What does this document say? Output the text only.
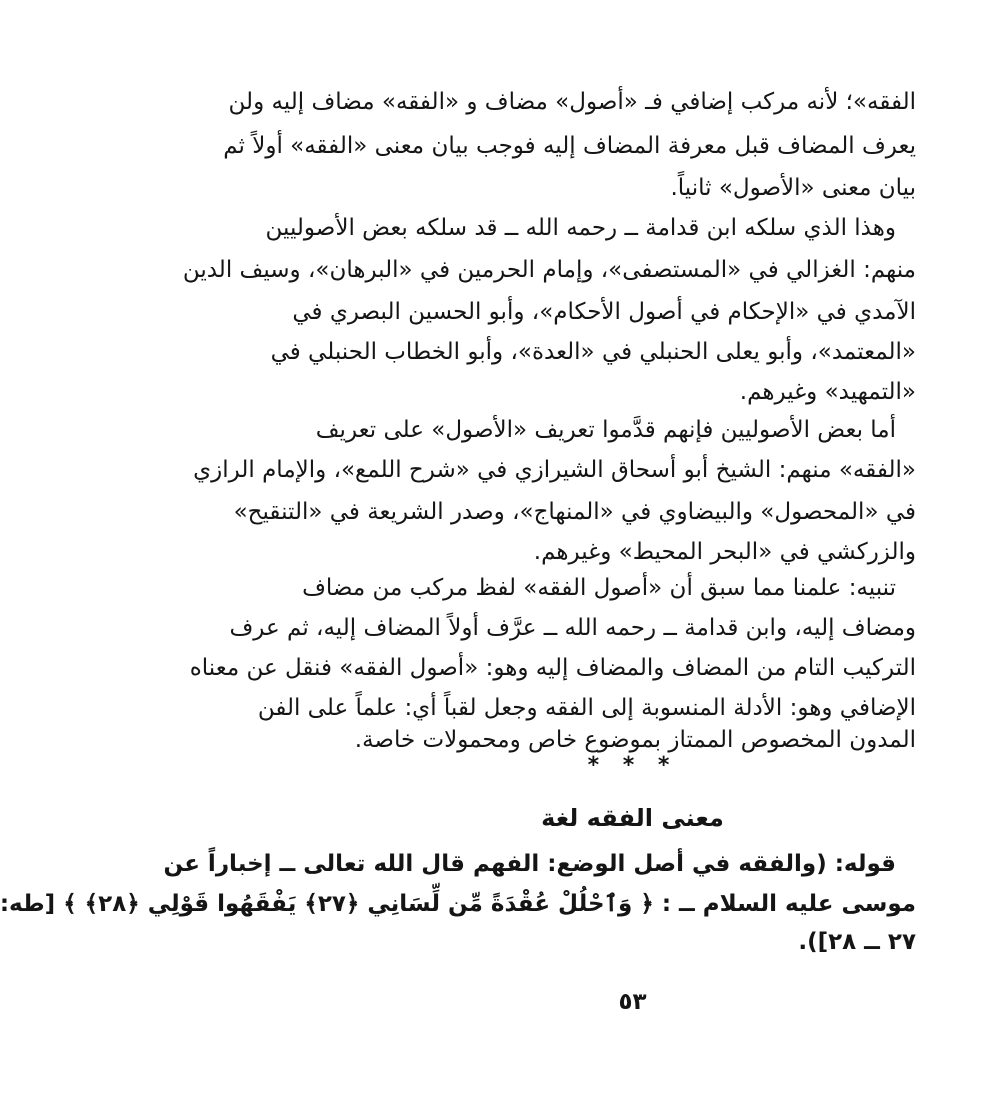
الفقه»؛ لأنه مركب إضافي فـ «أصول» مضاف و «الفقه» مضاف إليه ولن
يعرف المضاف قبل معرفة المضاف إليه فوجب بيان معنى «الفقه» أولاً ثم
بيان معنى «الأصول» ثانياً.
وهذا الذي سلكه ابن قدامة ــ رحمه الله ــ قد سلكه بعض الأصوليين
منهم: الغزالي في «المستصفى»، وإمام الحرمين في «البرهان»، وسيف الدين
الآمدي في «الإحكام في أصول الأحكام»، وأبو الحسين البصري في
«المعتمد»، وأبو يعلى الحنبلي في «العدة»، وأبو الخطاب الحنبلي في
«التمهيد» وغيرهم.
أما بعض الأصوليين فإنهم قدَّموا تعريف «الأصول» على تعريف
«الفقه» منهم: الشيخ أبو أسحاق الشيرازي في «شرح اللمع»، والإمام الرازي
في «المحصول» والبيضاوي في «المنهاج»، وصدر الشريعة في «التنقيح»
والزركشي في «البحر المحيط» وغيرهم.
تنبيه: علمنا مما سبق أن «أصول الفقه» لفظ مركب من مضاف
ومضاف إليه، وابن قدامة ــ رحمه الله ــ عرَّف أولاً المضاف إليه، ثم عرف
التركيب التام من المضاف والمضاف إليه وهو: «أصول الفقه» فنقل عن معناه
الإضافي وهو: الأدلة المنسوبة إلى الفقه وجعل لقباً أي: علماً على الفن
المدون المخصوص الممتاز بموضوع خاص ومحمولات خاصة.
* * *
معنى الفقه لغة
قوله: (والفقه في أصل الوضع: الفهم قال الله تعالى ــ إخباراً عن
موسى عليه السلام ــ : ﴿ وَٱحْلُلْ عُقْدَةً مِّن لِّسَانِي ﴿٢٧﴾ يَفْقَهُوا قَوْلِي ﴿٢٨﴾ ﴾ [طه:
٢٧ ــ ٢٨]).
٥٣
